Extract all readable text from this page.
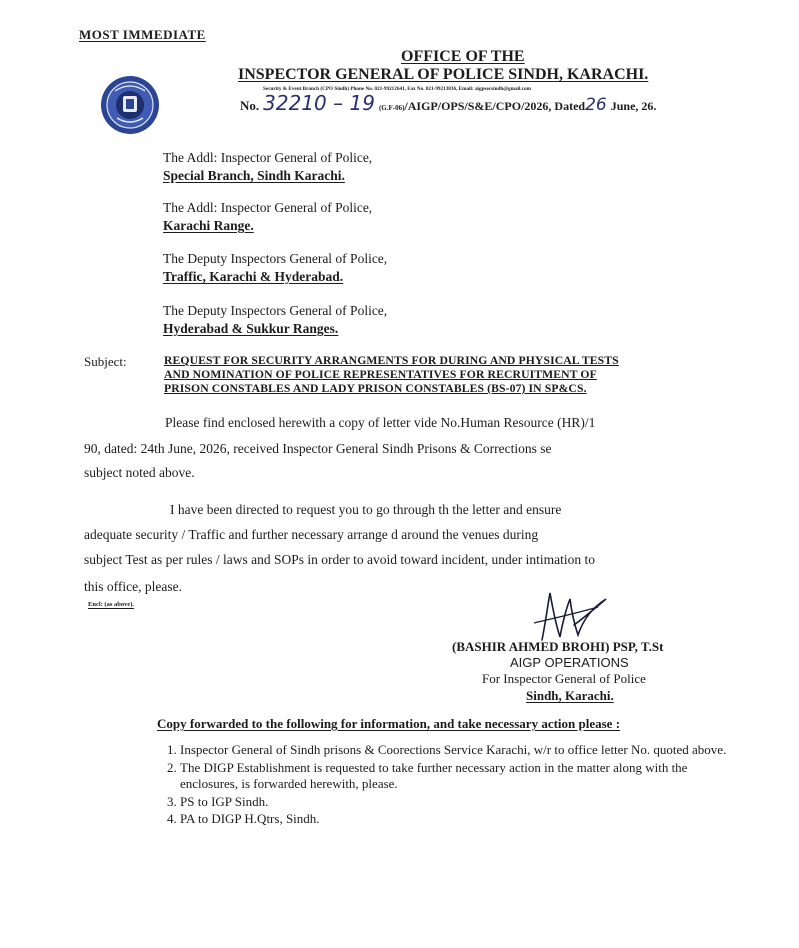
MOST IMMEDIATE
OFFICE OF THE
INSPECTOR GENERAL OF POLICE SINDH, KARACHI.
Security & Event Branch (CPO Sindh) Phone No. 021-99212641, Fax No. 021-99213836, Email: aigpsecsindh@gmail.com
No. 32210 – 19 (G.F-06)/AIGP/OPS/S&E/CPO/2026, Dated26 June, 26.
The Addl: Inspector General of Police,
Special Branch, Sindh Karachi.
The Addl: Inspector General of Police,
Karachi Range.
The Deputy Inspectors General of Police,
Traffic, Karachi & Hyderabad.
The Deputy Inspectors General of Police,
Hyderabad & Sukkur Ranges.
Subject:	REQUEST FOR SECURITY ARRANGMENTS FOR DURING AND PHYSICAL TESTS
AND NOMINATION OF POLICE REPRESENTATIVES FOR RECRUITMENT OF
PRISON CONSTABLES AND LADY PRISON CONSTABLES (BS-07) IN SP&CS.
Please find enclosed herewith a copy of letter vide No.Human Resource (HR)/1
90, dated: 24th June, 2026, received Inspector General Sindh Prisons & Corrections se
subject noted above.
I have been directed to request you to go through th the letter and ensure
adequate security / Traffic and further necessary arrange d around the venues during
subject Test as per rules / laws and SOPs in order to avoid toward incident, under intimation to
this office, please.
Encl: (as above).
(BASHIR AHMED BROHI) PSP, T.St
AIGP OPERATIONS
For Inspector General of Police
Sindh, Karachi.
Copy forwarded to the following for information, and take necessary action please :
1. Inspector General of Sindh prisons & Coorections Service Karachi, w/r to office letter No. quoted above.
2. The DIGP Establishment is requested to take further necessary action in the matter along with the enclosures, is forwarded herewith, please.
3. PS to IGP Sindh.
4. PA to DIGP H.Qtrs, Sindh.
